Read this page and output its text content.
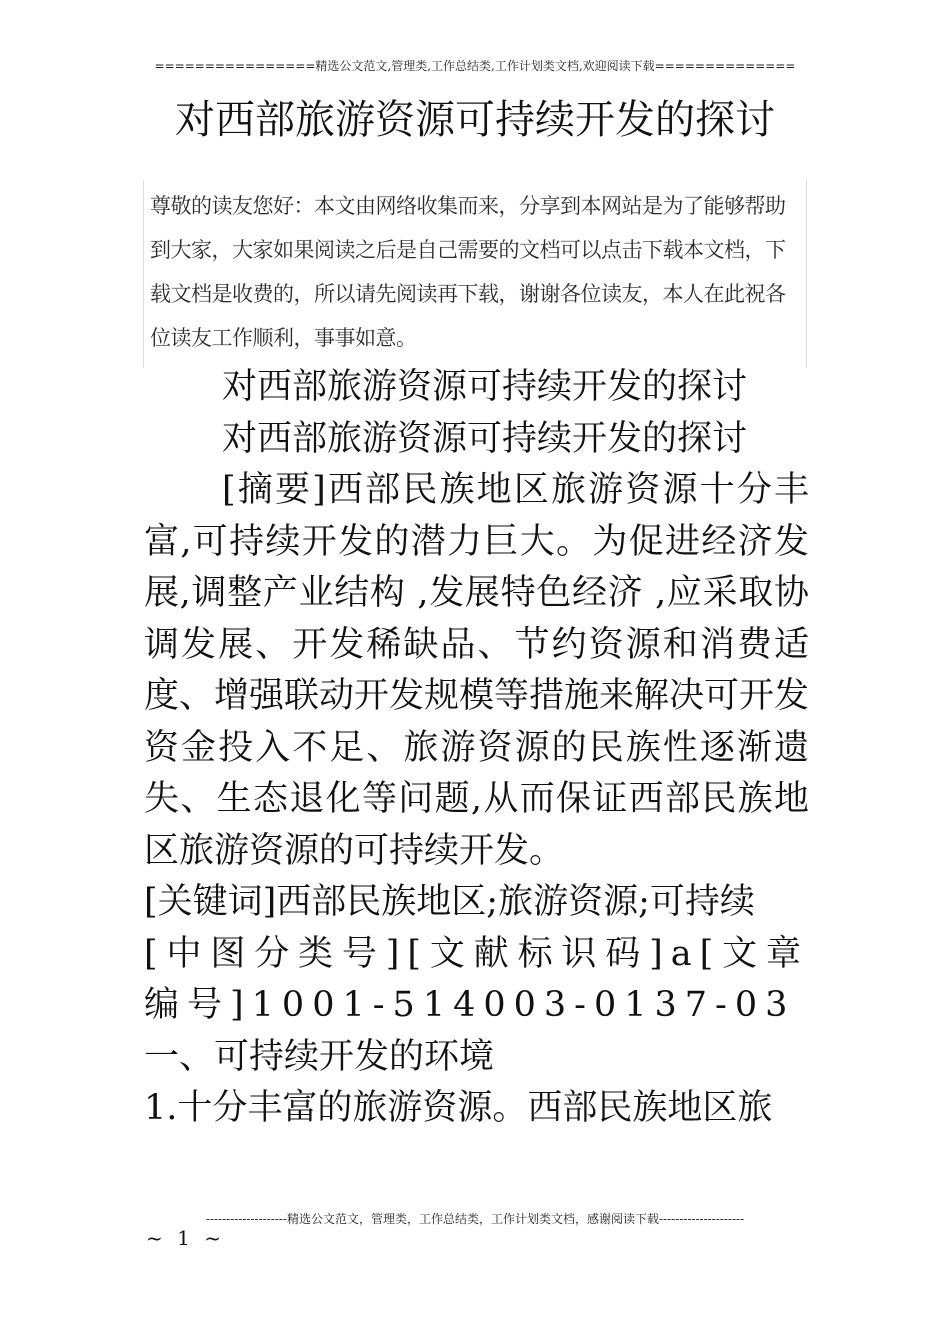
================精选公文范文,管理类,工作总结类,工作计划类文档,欢迎阅读下载==============
对西部旅游资源可持续开发的探讨

尊敬的读友您好：本文由网络收集而来，分享到本网站是为了能够帮助到大家，大家如果阅读之后是自己需要的文档可以点击下载本文档，下载文档是收费的，所以请先阅读再下载，谢谢各位读友，本人在此祝各位读友工作顺利，事事如意。

对西部旅游资源可持续开发的探讨

对西部旅游资源可持续开发的探讨

[摘要]西部民族地区旅游资源十分丰富,可持续开发的潜力巨大。为促进经济发展,调整产业结构 ,发展特色经济 ,应采取协调发展、开发稀缺品、节约资源和消费适度、增强联动开发规模等措施来解决可开发资金投入不足、旅游资源的民族性逐渐遗失、生态退化等问题,从而保证西部民族地区旅游资源的可持续开发。

[关键词]西部民族地区;旅游资源;可持续

[中图分类号][文献标识码]a[文章编号]1001-514003-0137-03

一、可持续开发的环境

1.十分丰富的旅游资源。西部民族地区旅

--------------------精选公文范文，管理类，工作总结类，工作计划类文档，感谢阅读下载---------------------
~ 1 ~
